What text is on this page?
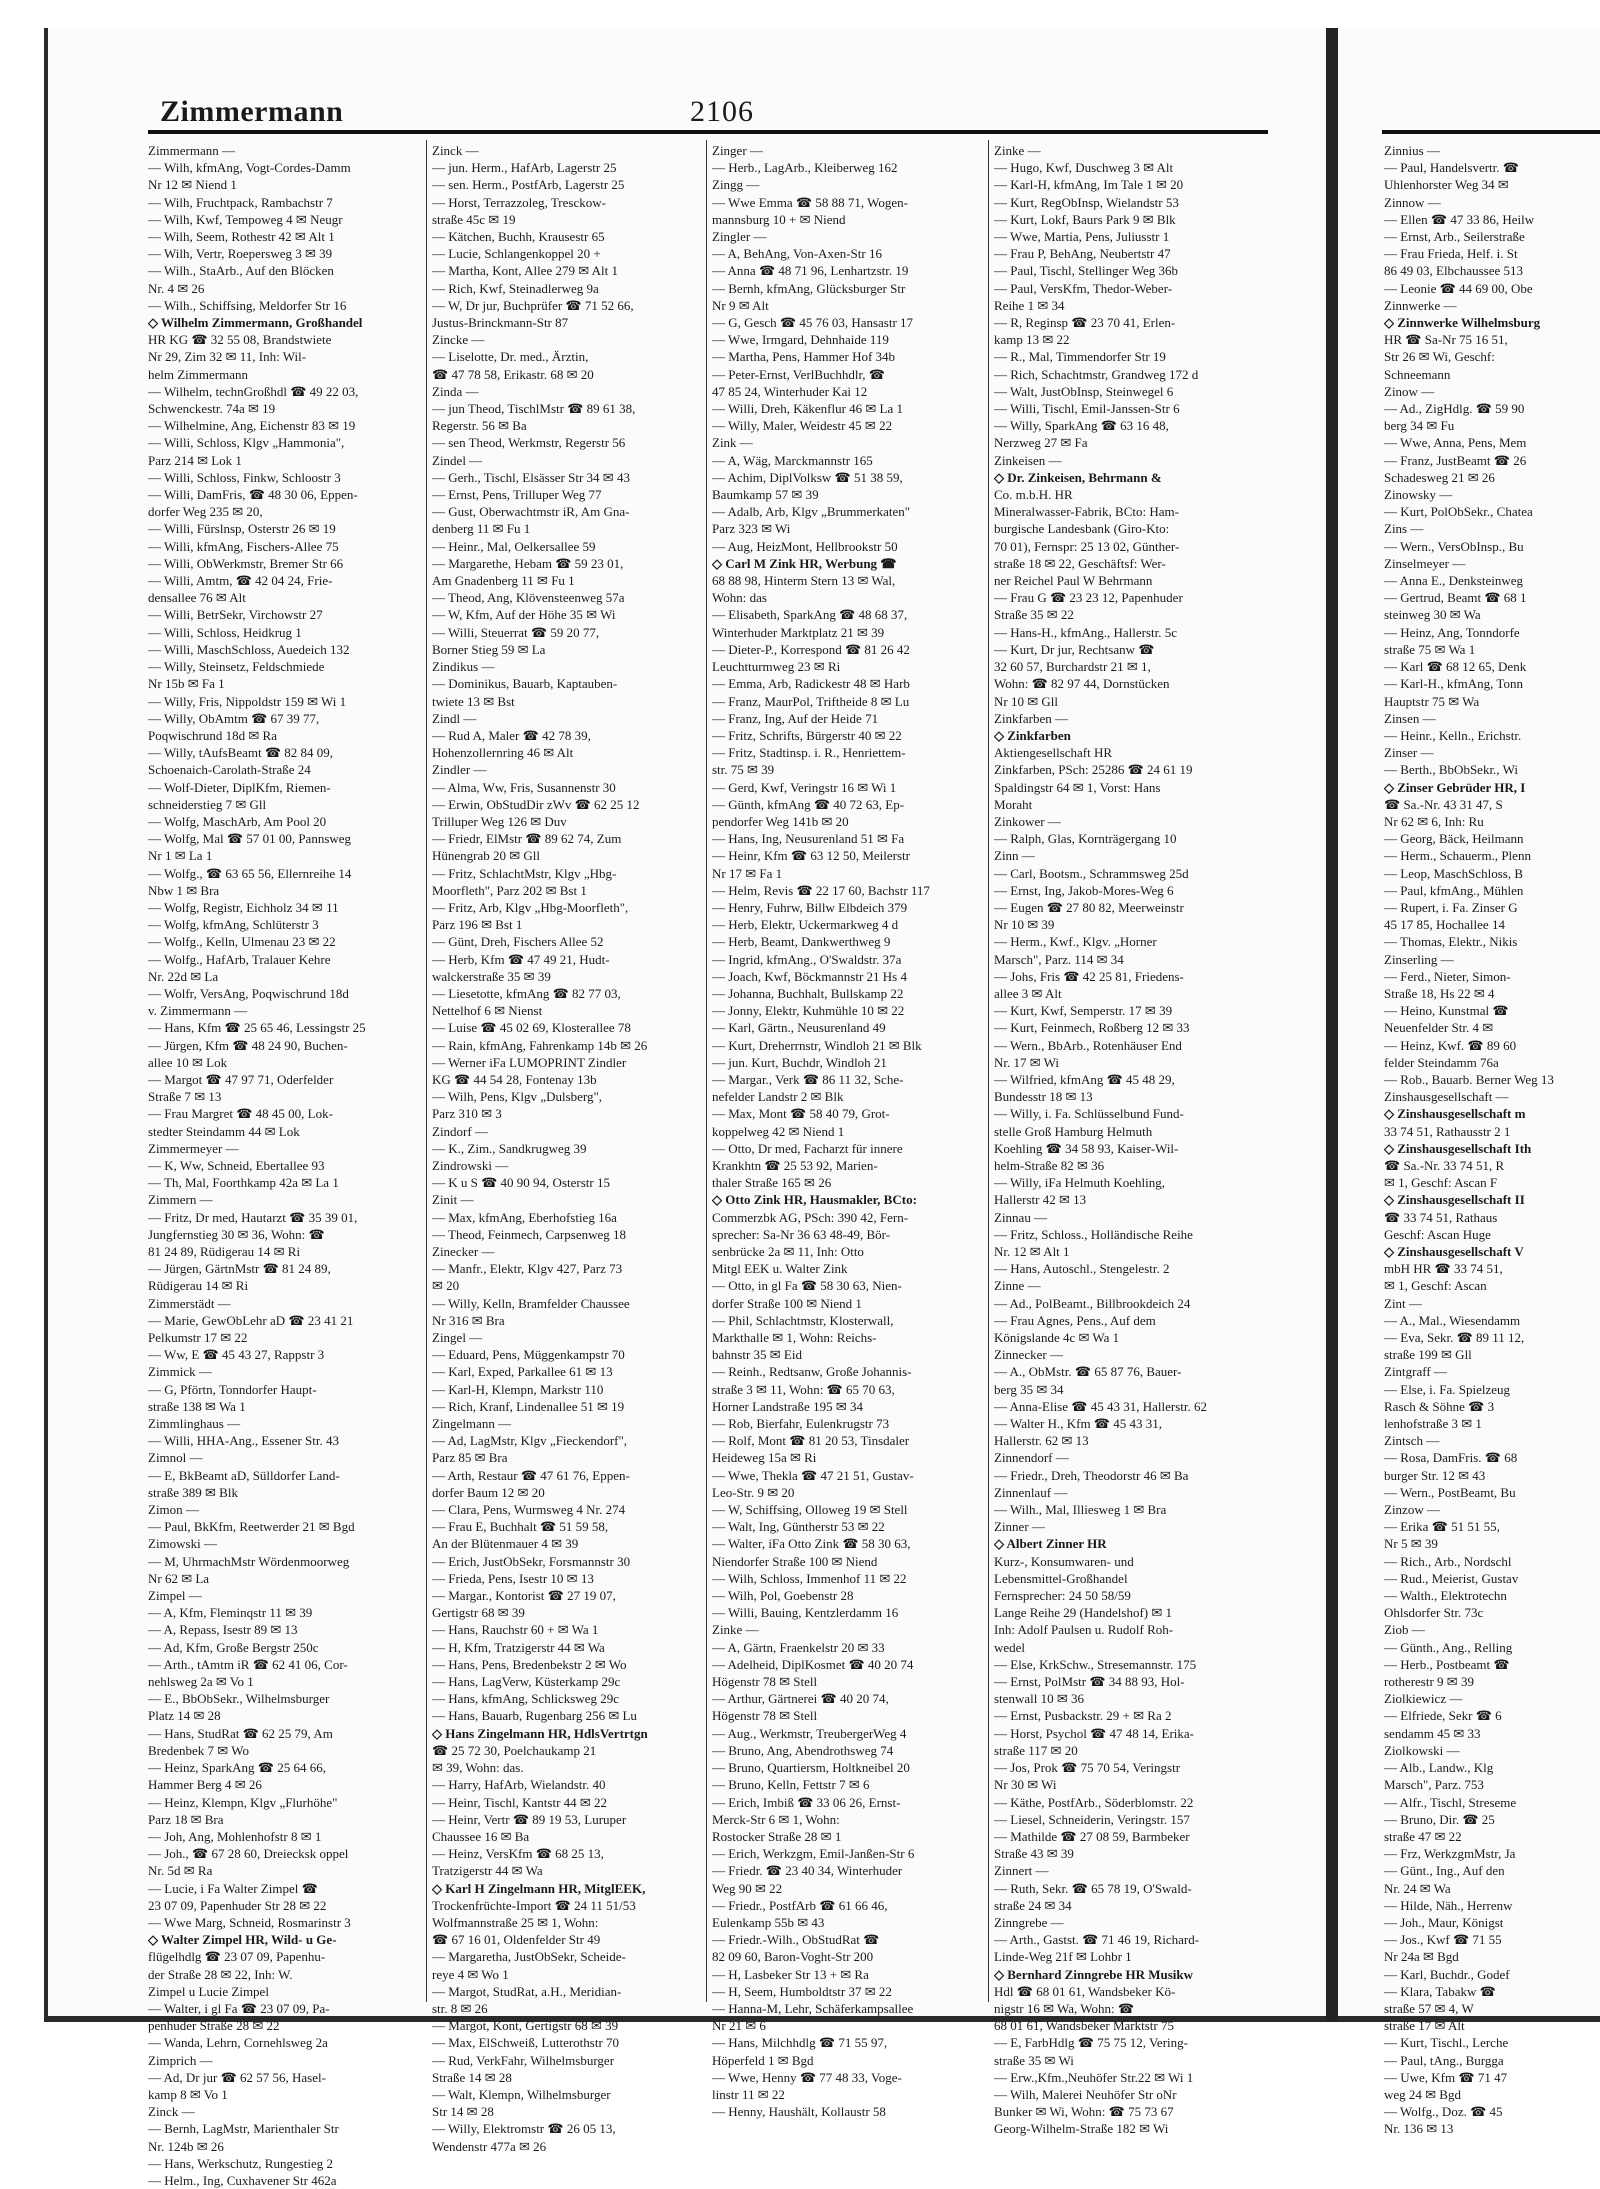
Zimmermann	2106
Zimmermann —
— Wilh, kfmAng, Vogt-Cordes-Damm
Nr 12 ✉ Niend 1
— Wilh, Fruchtpack, Rambachstr 7
— Wilh, Kwf, Tempoweg 4 ✉ Neugr
— Wilh, Seem, Rothestr 42 ✉ Alt 1
— Wilh, Vertr, Roepersweg 3 ✉ 39
— Wilh., StaArb., Auf den Blöcken
Nr. 4 ✉ 26
— Wilh., Schiffsing, Meldorfer Str 16
◇ Wilhelm Zimmermann, Großhandel
HR KG ☎ 32 55 08, Brandstwiete
Nr 29, Zim 32 ✉ 11, Inh: Wil-
helm Zimmermann
— Wilhelm, technGroßhdl ☎ 49 22 03,
Schwenckestr. 74a ✉ 19
— Wilhelmine, Ang, Eichenstr 83 ✉ 19
— Willi, Schloss, Klgv „Hammonia",
Parz 214 ✉ Lok 1
— Willi, Schloss, Finkw, Schloostr 3
— Willi, DamFris, ☎ 48 30 06, Eppen-
dorfer Weg 235 ✉ 20,
— Willi, Fürslnsp, Osterstr 26 ✉ 19
— Willi, kfmAng, Fischers-Allee 75
— Willi, ObWerkmstr, Bremer Str 66
— Willi, Amtm, ☎ 42 04 24, Frie-
densallee 76 ✉ Alt
— Willi, BetrSekr, Virchowstr 27
— Willi, Schloss, Heidkrug 1
— Willi, MaschSchloss, Auedeich 132
— Willy, Steinsetz, Feldschmiede
Nr 15b ✉ Fa 1
— Willy, Fris, Nippoldstr 159 ✉ Wi 1
— Willy, ObAmtm ☎ 67 39 77,
Poqwischrund 18d ✉ Ra
— Willy, tAufsBeamt ☎ 82 84 09,
Schoenaich-Carolath-Straße 24
— Wolf-Dieter, DiplKfm, Riemen-
schneiderstieg 7 ✉ Gll
— Wolfg, MaschArb, Am Pool 20
— Wolfg, Mal ☎ 57 01 00, Pannsweg
Nr 1 ✉ La 1
— Wolfg., ☎ 63 65 56, Ellernreihe 14
Nbw 1 ✉ Bra
— Wolfg, Registr, Eichholz 34 ✉ 11
— Wolfg, kfmAng, Schlüterstr 3
— Wolfg., Kelln, Ulmenau 23 ✉ 22
— Wolfg., HafArb, Tralauer Kehre
Nr. 22d ✉ La
— Wolfr, VersAng, Poqwischrund 18d
v. Zimmermann —
— Hans, Kfm ☎ 25 65 46, Lessingstr 25
— Jürgen, Kfm ☎ 48 24 90, Buchen-
allee 10 ✉ Lok
— Margot ☎ 47 97 71, Oderfelder
Straße 7 ✉ 13
— Frau Margret ☎ 48 45 00, Lok-
stedter Steindamm 44 ✉ Lok
Zimmermeyer —
— K, Ww, Schneid, Ebertallee 93
— Th, Mal, Foorthkamp 42a ✉ La 1
Zimmern —
— Fritz, Dr med, Hautarzt ☎ 35 39 01,
Jungfernstieg 30 ✉ 36, Wohn: ☎
81 24 89, Rüdigerau 14 ✉ Ri
— Jürgen, GärtnMstr ☎ 81 24 89,
Rüdigerau 14 ✉ Ri
Zimmerstädt —
— Marie, GewObLehr aD ☎ 23 41 21
Pelkumstr 17 ✉ 22
— Ww, E ☎ 45 43 27, Rappstr 3
Zimmick —
— G, Pförtn, Tonndorfer Haupt-
straße 138 ✉ Wa 1
Zimmlinghaus —
— Willi, HHA-Ang., Essener Str. 43
Zimnol —
— E, BkBeamt aD, Sülldorfer Land-
straße 389 ✉ Blk
Zimon —
— Paul, BkKfm, Reetwerder 21 ✉ Bgd
Zimowski —
— M, UhrmachMstr Wördenmoorweg
Nr 62 ✉ La
Zimpel —
— A, Kfm, Fleminqstr 11 ✉ 39
— A, Repass, Isestr 89 ✉ 13
— Ad, Kfm, Große Bergstr 250c
— Arth., tAmtm iR ☎ 62 41 06, Cor-
nehlsweg 2a ✉ Vo 1
— E., BbObSekr., Wilhelmsburger
Platz 14 ✉ 28
— Hans, StudRat ☎ 62 25 79, Am
Bredenbek 7 ✉ Wo
— Heinz, SparkAng ☎ 25 64 66,
Hammer Berg 4 ✉ 26
— Heinz, Klempn, Klgv „Flurhöhe"
Parz 18 ✉ Bra
— Joh, Ang, Mohlenhofstr 8 ✉ 1
— Joh., ☎ 67 28 60, Dreiecksk oppel
Nr. 5d ✉ Ra
— Lucie, i Fa Walter Zimpel ☎
23 07 09, Papenhuder Str 28 ✉ 22
— Wwe Marg, Schneid, Rosmarinstr 3
◇ Walter Zimpel HR, Wild- u Ge-
flügelhdlg ☎ 23 07 09, Papenhu-
der Straße 28 ✉ 22, Inh: W.
Zimpel u Lucie Zimpel
— Walter, i gl Fa ☎ 23 07 09, Pa-
penhuder Straße 28 ✉ 22
— Wanda, Lehrn, Cornehlsweg 2a
Zimprich —
— Ad, Dr jur ☎ 62 57 56, Hasel-
kamp 8 ✉ Vo 1
Zinck —
— Bernh, LagMstr, Marienthaler Str
Nr. 124b ✉ 26
— Hans, Werkschutz, Rungestieg 2
— Helm., Ing, Cuxhavener Str 462a
Zinck —
— jun. Herm., HafArb, Lagerstr 25
— sen. Herm., PostfArb, Lagerstr 25
— Horst, Terrazzoleg, Tresckow-
straße 45c ✉ 19
— Kätchen, Buchh, Krausestr 65
— Lucie, Schlangenkoppel 20 +
— Martha, Kont, Allee 279 ✉ Alt 1
— Rich, Kwf, Steinadlerweg 9a
— W, Dr jur, Buchprüfer ☎ 71 52 66,
Justus-Brinckmann-Str 87
Zincke —
— Liselotte, Dr. med., Ärztin,
☎ 47 78 58, Erikastr. 68 ✉ 20
Zinda —
— jun Theod, TischlMstr ☎ 89 61 38,
Regerstr. 56 ✉ Ba
— sen Theod, Werkmstr, Regerstr 56
Zindel —
— Gerh., Tischl, Elsässer Str 34 ✉ 43
— Ernst, Pens, Trilluper Weg 77
— Gust, Oberwachtmstr iR, Am Gna-
denberg 11 ✉ Fu 1
— Heinr., Mal, Oelkersallee 59
— Margarethe, Hebam ☎ 59 23 01,
Am Gnadenberg 11 ✉ Fu 1
— Theod, Ang, Klövensteenweg 57a
— W, Kfm, Auf der Höhe 35 ✉ Wi
— Willi, Steuerrat ☎ 59 20 77,
Borner Stieg 59 ✉ La
Zindikus —
— Dominikus, Bauarb, Kaptauben-
twiete 13 ✉ Bst
Zindl —
— Rud A, Maler ☎ 42 78 39,
Hohenzollernring 46 ✉ Alt
Zindler —
— Alma, Ww, Fris, Susannenstr 30
— Erwin, ObStudDir zWv ☎ 62 25 12
Trilluper Weg 126 ✉ Duv
— Friedr, ElMstr ☎ 89 62 74, Zum
Hünengrab 20 ✉ Gll
— Fritz, SchlachtMstr, Klgv „Hbg-
Moorfleth", Parz 202 ✉ Bst 1
— Fritz, Arb, Klgv „Hbg-Moorfleth",
Parz 196 ✉ Bst 1
— Günt, Dreh, Fischers Allee 52
— Herb, Kfm ☎ 47 49 21, Hudt-
walckerstraße 35 ✉ 39
— Liesetotte, kfmAng ☎ 82 77 03,
Nettelhof 6 ✉ Nienst
— Luise ☎ 45 02 69, Klosterallee 78
— Rain, kfmAng, Fahrenkamp 14b ✉ 26
— Werner iFa LUMOPRINT Zindler
KG ☎ 44 54 28, Fontenay 13b
— Wilh, Pens, Klgv „Dulsberg",
Parz 310 ✉ 3
Zindorf —
— K., Zim., Sandkrugweg 39
Zindrowski —
— K u S ☎ 40 90 94, Osterstr 15
Zinit —
— Max, kfmAng, Eberhofstieg 16a
— Theod, Feinmech, Carpsenweg 18
Zinecker —
— Manfr., Elektr, Klgv 427, Parz 73
✉ 20
— Willy, Kelln, Bramfelder Chaussee
Nr 316 ✉ Bra
Zingel —
— Eduard, Pens, Müggenkampstr 70
— Karl, Exped, Parkallee 61 ✉ 13
— Karl-H, Klempn, Markstr 110
— Rich, Kranf, Lindenallee 51 ✉ 19
Zingelmann —
— Ad, LagMstr, Klgv „Fieckendorf",
Parz 85 ✉ Bra
— Arth, Restaur ☎ 47 61 76, Eppen-
dorfer Baum 12 ✉ 20
— Clara, Pens, Wurmsweg 4 Nr. 274
— Frau E, Buchhalt ☎ 51 59 58,
An der Blütenmauer 4 ✉ 39
— Erich, JustObSekr, Forsmannstr 30
— Frieda, Pens, Isestr 10 ✉ 13
— Margar., Kontorist ☎ 27 19 07,
Gertigstr 68 ✉ 39
— Hans, Rauchstr 60 + ✉ Wa 1
— H, Kfm, Tratzigerstr 44 ✉ Wa
— Hans, Pens, Bredenbekstr 2 ✉ Wo
— Hans, LagVerw, Küsterkamp 29c
— Hans, kfmAng, Schlicksweg 29c
— Hans, Bauarb, Rugenbarg 256 ✉ Lu
◇ Hans Zingelmann HR, HdlsVertrtgn
☎ 25 72 30, Poelchaukamp 21
✉ 39, Wohn: das.
— Harry, HafArb, Wielandstr. 40
— Heinr, Tischl, Kantstr 44 ✉ 22
— Heinr, Vertr ☎ 89 19 53, Luruper
Chaussee 16 ✉ Ba
— Heinz, VersKfm ☎ 68 25 13,
Tratzigerstr 44 ✉ Wa
◇ Karl H Zingelmann HR, MitglEEK,
Trockenfrüchte-Import ☎ 24 11 51/53
Wolfmannstraße 25 ✉ 1, Wohn:
☎ 67 16 01, Oldenfelder Str 49
— Margaretha, JustObSekr, Scheide-
reye 4 ✉ Wo 1
— Margot, StudRat, a.H., Meridian-
str. 8 ✉ 26
— Margot, Kont, Gertigstr 68 ✉ 39
— Max, ElSchweiß, Lutterothstr 70
— Rud, VerkFahr, Wilhelmsburger
Straße 14 ✉ 28
— Walt, Klempn, Wilhelmsburger
Str 14 ✉ 28
— Willy, Elektromstr ☎ 26 05 13,
Wendenstr 477a ✉ 26
Zinger —
— Herb., LagArb., Kleiberweg 162
Zingg —
— Wwe Emma ☎ 58 88 71, Wogen-
mannsburg 10 + ✉ Niend
Zingler —
— A, BehAng, Von-Axen-Str 16
— Anna ☎ 48 71 96, Lenhartzstr. 19
— Bernh, kfmAng, Glücksburger Str
Nr 9 ✉ Alt
— G, Gesch ☎ 45 76 03, Hansastr 17
— Wwe, Irmgard, Dehnhaide 119
— Martha, Pens, Hammer Hof 34b
— Peter-Ernst, VerlBuchhdlr, ☎
47 85 24, Winterhuder Kai 12
— Willi, Dreh, Käkenflur 46 ✉ La 1
— Willy, Maler, Weidestr 45 ✉ 22
Zink —
— A, Wäg, Marckmannstr 165
— Achim, DiplVolksw ☎ 51 38 59,
Baumkamp 57 ✉ 39
— Adalb, Arb, Klgv „Brummerkaten"
Parz 323 ✉ Wi
— Aug, HeizMont, Hellbrookstr 50
◇ Carl M Zink HR, Werbung ☎
68 88 98, Hinterm Stern 13 ✉ Wal,
Wohn: das
— Elisabeth, SparkAng ☎ 48 68 37,
Winterhuder Marktplatz 21 ✉ 39
— Dieter-P., Korrespond ☎ 81 26 42
Leuchtturmweg 23 ✉ Ri
— Emma, Arb, Radickestr 48 ✉ Harb
— Franz, MaurPol, Triftheide 8 ✉ Lu
— Franz, Ing, Auf der Heide 71
— Fritz, Schrifts, Bürgerstr 40 ✉ 22
— Fritz, Stadtinsp. i. R., Henriettem-
str. 75 ✉ 39
— Gerd, Kwf, Veringstr 16 ✉ Wi 1
— Günth, kfmAng ☎ 40 72 63, Ep-
pendorfer Weg 141b ✉ 20
— Hans, Ing, Neusurenland 51 ✉ Fa
— Heinr, Kfm ☎ 63 12 50, Meilerstr
Nr 17 ✉ Fa 1
— Helm, Revis ☎ 22 17 60, Bachstr 117
— Henry, Fuhrw, Billw Elbdeich 379
— Herb, Elektr, Uckermarkweg 4 d
— Herb, Beamt, Dankwerthweg 9
— Ingrid, kfmAng., O'Swaldstr. 37a
— Joach, Kwf, Böckmannstr 21 Hs 4
— Johanna, Buchhalt, Bullskamp 22
— Jonny, Elektr, Kuhmühle 10 ✉ 22
— Karl, Gärtn., Neusurenland 49
— Kurt, Dreherrnstr, Windloh 21 ✉ Blk
— jun. Kurt, Buchdr, Windloh 21
— Margar., Verk ☎ 86 11 32, Sche-
nefelder Landstr 2 ✉ Blk
— Max, Mont ☎ 58 40 79, Grot-
koppelweg 42 ✉ Niend 1
— Otto, Dr med, Facharzt für innere
Krankhtn ☎ 25 53 92, Marien-
thaler Straße 165 ✉ 26
◇ Otto Zink HR, Hausmakler, BCto:
Commerzbk AG, PSch: 390 42, Fern-
sprecher: Sa-Nr 36 63 48-49, Bör-
senbrücke 2a ✉ 11, Inh: Otto
Mitgl EEK u. Walter Zink
— Otto, in gl Fa ☎ 58 30 63, Nien-
dorfer Straße 100 ✉ Niend 1
— Phil, Schlachtmstr, Klosterwall,
Markthalle ✉ 1, Wohn: Reichs-
bahnstr 35 ✉ Eid
— Reinh., Redtsanw, Große Johannis-
straße 3 ✉ 11, Wohn: ☎ 65 70 63,
Horner Landstraße 195 ✉ 34
— Rob, Bierfahr, Eulenkrugstr 73
— Rolf, Mont ☎ 81 20 53, Tinsdaler
Heideweg 15a ✉ Ri
— Wwe, Thekla ☎ 47 21 51, Gustav-
Leo-Str. 9 ✉ 20
— W, Schiffsing, Olloweg 19 ✉ Stell
— Walt, Ing, Güntherstr 53 ✉ 22
— Walter, iFa Otto Zink ☎ 58 30 63,
Niendorfer Straße 100 ✉ Niend
— Wilh, Schloss, Immenhof 11 ✉ 22
— Wilh, Pol, Goebenstr 28
— Willi, Bauing, Kentzlerdamm 16
Zinke —
— A, Gärtn, Fraenkelstr 20 ✉ 33
— Adelheid, DiplKosmet ☎ 40 20 74
Högenstr 78 ✉ Stell
— Arthur, Gärtnerei ☎ 40 20 74,
Högenstr 78 ✉ Stell
— Aug., Werkmstr, TreubergerWeg 4
— Bruno, Ang, Abendrothsweg 74
— Bruno, Quartiersm, Holtkneibel 20
— Bruno, Kelln, Fettstr 7 ✉ 6
— Erich, Imbiß ☎ 33 06 26, Ernst-
Merck-Str 6 ✉ 1, Wohn:
Rostocker Straße 28 ✉ 1
— Erich, Werkzgm, Emil-Janßen-Str 6
— Friedr. ☎ 23 40 34, Winterhuder
Weg 90 ✉ 22
— Friedr., PostfArb ☎ 61 66 46,
Eulenkamp 55b ✉ 43
— Friedr.-Wilh., ObStudRat ☎
82 09 60, Baron-Voght-Str 200
— H, Lasbeker Str 13 + ✉ Ra
— H, Seem, Humboldtstr 37 ✉ 22
— Hanna-M, Lehr, Schäferkampsallee
Nr 21 ✉ 6
— Hans, Milchhdlg ☎ 71 55 97,
Höperfeld 1 ✉ Bgd
— Wwe, Henny ☎ 77 48 33, Voge-
linstr 11 ✉ 22
— Henny, Haushält, Kollaustr 58
Zinke —
— Hugo, Kwf, Duschweg 3 ✉ Alt
— Karl-H, kfmAng, Im Tale 1 ✉ 20
— Kurt, RegObInsp, Wielandstr 53
— Kurt, Lokf, Baurs Park 9 ✉ Blk
— Wwe, Martia, Pens, Juliusstr 1
— Frau P, BehAng, Neubertstr 47
— Paul, Tischl, Stellinger Weg 36b
— Paul, VersKfm, Thedor-Weber-
Reihe 1 ✉ 34
— R, Reginsp ☎ 23 70 41, Erlen-
kamp 13 ✉ 22
— R., Mal, Timmendorfer Str 19
— Rich, Schachtmstr, Grandweg 172 d
— Walt, JustObInsp, Steinwegel 6
— Willi, Tischl, Emil-Janssen-Str 6
— Willy, SparkAng ☎ 63 16 48,
Nerzweg 27 ✉ Fa
Zinkeisen —
◇ Dr. Zinkeisen, Behrmann &
Co. m.b.H. HR
Mineralwasser-Fabrik, BCto: Ham-
burgische Landesbank (Giro-Kto:
70 01), Fernspr: 25 13 02, Günther-
straße 18 ✉ 22, Geschäftsf: Wer-
ner Reichel Paul W Behrmann
— Frau G ☎ 23 23 12, Papenhuder
Straße 35 ✉ 22
— Hans-H., kfmAng., Hallerstr. 5c
— Kurt, Dr jur, Rechtsanw ☎
32 60 57, Burchardstr 21 ✉ 1,
Wohn: ☎ 82 97 44, Dornstücken
Nr 10 ✉ Gll
Zinkfarben —
◇ Zinkfarben
Aktiengesellschaft HR
Zinkfarben, PSch: 25286 ☎ 24 61 19
Spaldingstr 64 ✉ 1, Vorst: Hans
Moraht
Zinkower —
— Ralph, Glas, Kornträgergang 10
Zinn —
— Carl, Bootsm., Schrammsweg 25d
— Ernst, Ing, Jakob-Mores-Weg 6
— Eugen ☎ 27 80 82, Meerweinstr
Nr 10 ✉ 39
— Herm., Kwf., Klgv. „Horner
Marsch", Parz. 114 ✉ 34
— Johs, Fris ☎ 42 25 81, Friedens-
allee 3 ✉ Alt
— Kurt, Kwf, Semperstr. 17 ✉ 39
— Kurt, Feinmech, Roßberg 12 ✉ 33
— Wern., BbArb., Rotenhäuser End
Nr. 17 ✉ Wi
— Wilfried, kfmAng ☎ 45 48 29,
Bundesstr 18 ✉ 13
— Willy, i. Fa. Schlüsselbund Fund-
stelle Groß Hamburg Helmuth
Koehling ☎ 34 58 93, Kaiser-Wil-
helm-Straße 82 ✉ 36
— Willy, iFa Helmuth Koehling,
Hallerstr 42 ✉ 13
Zinnau —
— Fritz, Schloss., Holländische Reihe
Nr. 12 ✉ Alt 1
— Hans, Autoschl., Stengelestr. 2
Zinne —
— Ad., PolBeamt., Billbrookdeich 24
— Frau Agnes, Pens., Auf dem
Königslande 4c ✉ Wa 1
Zinnecker —
— A., ObMstr. ☎ 65 87 76, Bauer-
berg 35 ✉ 34
— Anna-Elise ☎ 45 43 31, Hallerstr. 62
— Walter H., Kfm ☎ 45 43 31,
Hallerstr. 62 ✉ 13
Zinnendorf —
— Friedr., Dreh, Theodorstr 46 ✉ Ba
Zinnenlauf —
— Wilh., Mal, Illiesweg 1 ✉ Bra
Zinner —
◇ Albert Zinner HR
Kurz-, Konsumwaren- und
Lebensmittel-Großhandel
Fernsprecher: 24 50 58/59
Lange Reihe 29 (Handelshof) ✉ 1
Inh: Adolf Paulsen u. Rudolf Roh-
wedel
— Else, KrkSchw., Stresemannstr. 175
— Ernst, PolMstr ☎ 34 88 93, Hol-
stenwall 10 ✉ 36
— Ernst, Pusbackstr. 29 + ✉ Ra 2
— Horst, Psychol ☎ 47 48 14, Erika-
straße 117 ✉ 20
— Jos, Prok ☎ 75 70 54, Veringstr
Nr 30 ✉ Wi
— Käthe, PostfArb., Söderblomstr. 22
— Liesel, Schneiderin, Veringstr. 157
— Mathilde ☎ 27 08 59, Barmbeker
Straße 43 ✉ 39
Zinnert —
— Ruth, Sekr. ☎ 65 78 19, O'Swald-
straße 24 ✉ 34
Zinngrebe —
— Arth., Gastst. ☎ 71 46 19, Richard-
Linde-Weg 21f ✉ Lohbr 1
◇ Bernhard Zinngrebe HR Musikw
Hdl ☎ 68 01 61, Wandsbeker Kö-
nigstr 16 ✉ Wa, Wohn: ☎
68 01 61, Wandsbeker Marktstr 75
— E, FarbHdlg ☎ 75 75 12, Vering-
straße 35 ✉ Wi
— Erw.,Kfm.,Neuhöfer Str.22 ✉ Wi 1
— Wilh, Malerei Neuhöfer Str oNr
Bunker ✉ Wi, Wohn: ☎ 75 73 67
Georg-Wilhelm-Straße 182 ✉ Wi
Zinnius —
— Paul, Handelsvertr. ☎
Uhlenhorster Weg 34 ✉
Zinnow —
— Ellen ☎ 47 33 86, Heilw
— Ernst, Arb., Seilerstraße
— Frau Frieda, Helf. i. St
86 49 03, Elbchaussee 513
— Leonie ☎ 44 69 00, Obe
Zinnwerke —
◇ Zinnwerke Wilhelmsburg
HR ☎ Sa-Nr 75 16 51,
Str 26 ✉ Wi, Geschf:
Schneemann
Zinow —
— Ad., ZigHdlg. ☎ 59 90
berg 34 ✉ Fu
— Wwe, Anna, Pens, Mem
— Franz, JustBeamt ☎ 26
Schadesweg 21 ✉ 26
Zinowsky —
— Kurt, PolObSekr., Chatea
Zins —
— Wern., VersObInsp., Bu
Zinselmeyer —
— Anna E., Denksteinweg
— Gertrud, Beamt ☎ 68 1
steinweg 30 ✉ Wa
— Heinz, Ang, Tonndorfe
straße 75 ✉ Wa 1
— Karl ☎ 68 12 65, Denk
— Karl-H., kfmAng, Tonn
Hauptstr 75 ✉ Wa
Zinsen —
— Heinr., Kelln., Erichstr.
Zinser —
— Berth., BbObSekr., Wi
◇ Zinser Gebrüder HR, I
☎ Sa.-Nr. 43 31 47, S
Nr 62 ✉ 6, Inh: Ru
— Georg, Bäck, Heilmann
— Herm., Schauerm., Plenn
— Leop, MaschSchloss, B
— Paul, kfmAng., Mühlen
— Rupert, i. Fa. Zinser G
45 17 85, Hochallee 14
— Thomas, Elektr., Nikis
Zinserling —
— Ferd., Nieter, Simon-
Straße 18, Hs 22 ✉ 4
— Heino, Kunstmal ☎
Neuenfelder Str. 4 ✉
— Heinz, Kwf. ☎ 89 60
felder Steindamm 76a
— Rob., Bauarb. Berner Weg 13
Zinshausgesellschaft —
◇ Zinshausgesellschaft m
33 74 51, Rathausstr 2 1
◇ Zinshausgesellschaft Ith
☎ Sa.-Nr. 33 74 51, R
✉ 1, Geschf: Ascan F
◇ Zinshausgesellschaft II
☎ 33 74 51, Rathaus
Geschf: Ascan Huge
◇ Zinshausgesellschaft V
mbH HR ☎ 33 74 51,
✉ 1, Geschf: Ascan
Zint —
— A., Mal., Wiesendamm
— Eva, Sekr. ☎ 89 11 12,
straße 199 ✉ Gll
Zintgraff —
— Else, i. Fa. Spielzeug
Rasch & Söhne ☎ 3
lenhofstraße 3 ✉ 1
Zintsch —
— Rosa, DamFris. ☎ 68
burger Str. 12 ✉ 43
— Wern., PostBeamt, Bu
Zinzow —
— Erika ☎ 51 51 55,
Nr 5 ✉ 39
— Rich., Arb., Nordschl
— Rud., Meierist, Gustav
— Walth., Elektrotechn
Ohlsdorfer Str. 73c
Ziob —
— Günth., Ang., Relling
— Herb., Postbeamt ☎
rotherestr 9 ✉ 39
Ziolkiewicz —
— Elfriede, Sekr ☎ 6
sendamm 45 ✉ 33
Ziolkowski —
— Alb., Landw., Klg
Marsch", Parz. 753
— Alfr., Tischl, Streseme
— Bruno, Dir. ☎ 25
straße 47 ✉ 22
— Frz, WerkzgmMstr, Ja
— Günt., Ing., Auf den
Nr. 24 ✉ Wa
— Hilde, Näh., Herrenw
— Joh., Maur, Königst
— Jos., Kwf ☎ 71 55
Nr 24a ✉ Bgd
— Karl, Buchdr., Godef
— Klara, Tabakw ☎
straße 57 ✉ 4, W
straße 17 ✉ Alt
— Kurt, Tischl., Lerche
— Paul, tAng., Burgga
— Uwe, Kfm ☎ 71 47
weg 24 ✉ Bgd
— Wolfg., Doz. ☎ 45
Nr. 136 ✉ 13
